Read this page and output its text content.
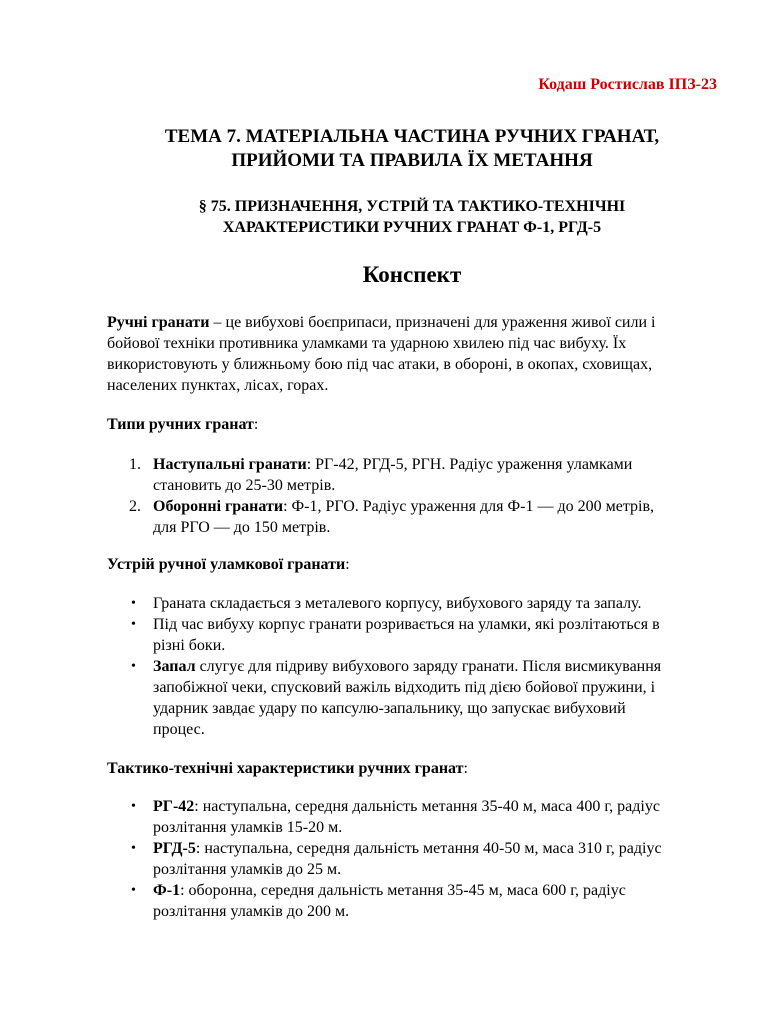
Кодаш Ростислав ІПЗ-23
ТЕМА 7. МАТЕРІАЛЬНА ЧАСТИНА РУЧНИХ ГРАНАТ,
ПРИЙОМИ ТА ПРАВИЛА ЇХ МЕТАННЯ
§ 75. ПРИЗНАЧЕННЯ, УСТРІЙ ТА ТАКТИКО-ТЕХНІЧНІ
ХАРАКТЕРИСТИКИ РУЧНИХ ГРАНАТ Ф-1, РГД-5
Конспект
Ручні гранати – це вибухові боєприпаси, призначені для ураження живої сили і
бойової техніки противника уламками та ударною хвилею під час вибуху. Їх
використовують у ближньому бою під час атаки, в обороні, в окопах, сховищах,
населених пунктах, лісах, горах.
Типи ручних гранат:
1. Наступальні гранати: РГ-42, РГД-5, РГН. Радіус ураження уламками
становить до 25-30 метрів.
2. Оборонні гранати: Ф-1, РГО. Радіус ураження для Ф-1 — до 200 метрів,
для РГО — до 150 метрів.
Устрій ручної уламкової гранати:
• Граната складається з металевого корпусу, вибухового заряду та запалу.
• Під час вибуху корпус гранати розривається на уламки, які розлітаються в
різні боки.
• Запал слугує для підриву вибухового заряду гранати. Після висмикування
запобіжної чеки, спусковий важіль відходить під дією бойової пружини, і
ударник завдає удару по капсулю-запальнику, що запускає вибуховий
процес.
Тактико-технічні характеристики ручних гранат:
• РГ-42: наступальна, середня дальність метання 35-40 м, маса 400 г, радіус
розлітання уламків 15-20 м.
• РГД-5: наступальна, середня дальність метання 40-50 м, маса 310 г, радіус
розлітання уламків до 25 м.
• Ф-1: оборонна, середня дальність метання 35-45 м, маса 600 г, радіус
розлітання уламків до 200 м.
